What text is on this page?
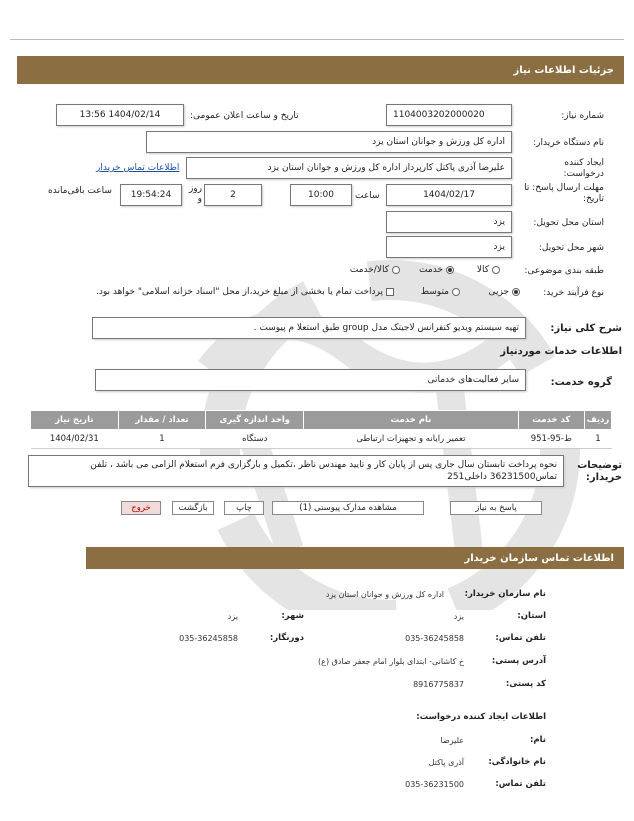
جزئیات اطلاعات نیاز
شماره نیاز:
1104003202000020
تاریخ و ساعت اعلان عمومی:
1404/02/14 13:56
نام دستگاه خریدار:
اداره کل ورزش و جوانان استان یزد
ایجاد کننده درخواست:
علیرضا آذری پاکتل کارپرداز اداره کل ورزش و جوانان استان یزد
اطلاعات تماس خریدار
مهلت ارسال پاسخ: تا تاریخ:
1404/02/17
ساعت
10:00
2
روز و
19:54:24
ساعت باقی‌مانده
استان محل تحویل:
یزد
شهر محل تحویل:
یزد
طبقه بندی موضوعی:
کالا
خدمت
کالا/خدمت
نوع فرآیند خرید:
جزیی
متوسط
پرداخت تمام یا بخشی از مبلغ خرید،از محل "اسناد خزانه اسلامی" خواهد بود.
شرح کلی نیاز:
تهیه سیستم ویدیو کنفرانس لاجیتک مدل group طبق استعلا م پیوست .
اطلاعات خدمات موردنیاز
گروه خدمت:
سایر فعالیت‌های خدماتی
ردیف	کد خدمت	نام خدمت	واحد اندازه گیری	تعداد / مقدار	تاریخ نیاز
1	ط-95-951	تعمیر رایانه و تجهیزات ارتباطی	دستگاه	1	1404/02/31
توضیحات خریدار:
نحوه پرداخت تابستان سال جاری پس از پایان کار و تایید مهندس ناظر ،تکمیل و بارگزاری فرم استعلام الزامی می باشد ، تلفن تماس36231500 داخلی251
پاسخ به نیاز
مشاهده مدارک پیوستی (1)
چاپ
بازگشت
خروج
اطلاعات تماس سازمان خریدار
نام سازمان خریدار:
اداره کل ورزش و جوانان استان یزد
استان:
یزد
شهر:
یزد
تلفن تماس:
035-36245858
دورنگار:
035-36245858
آدرس پستی:
خ کاشانی- ابتدای بلوار امام جعفر صادق (ع)
کد پستی:
8916775837
اطلاعات ایجاد کننده درخواست:
نام:
علیرضا
نام خانوادگی:
آذری پاکتل
تلفن تماس:
035-36231500
